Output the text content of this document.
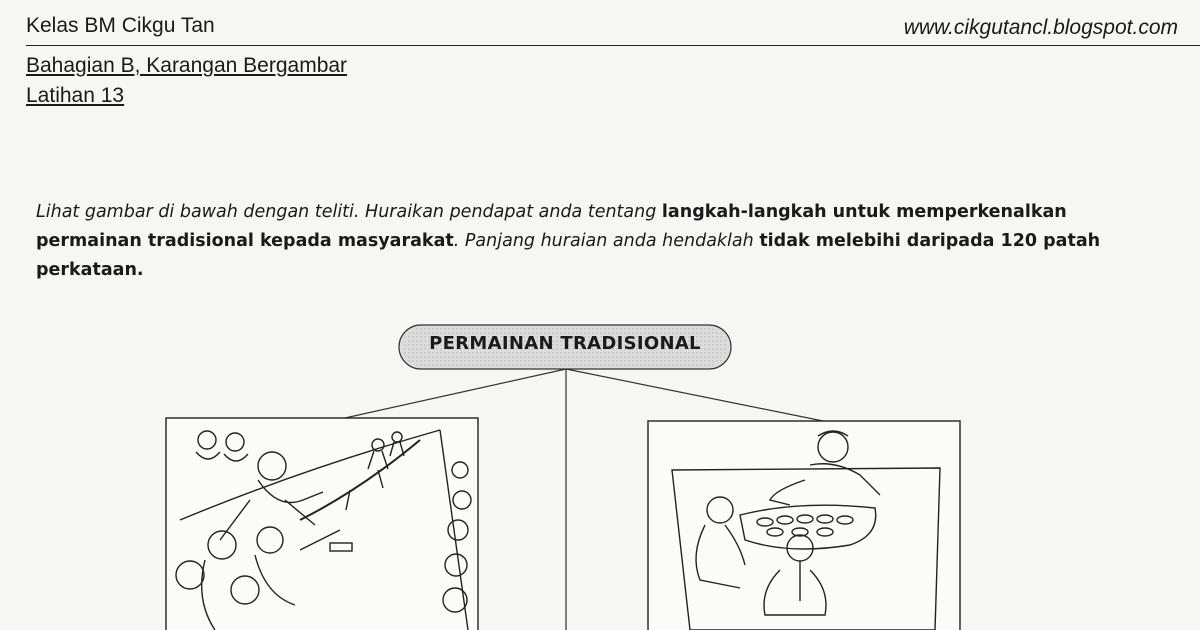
Kelas BM Cikgu Tan	www.cikgutancl.blogspot.com
Bahagian B, Karangan Bergambar
Latihan 13
Lihat gambar di bawah dengan teliti. Huraikan pendapat anda tentang langkah-langkah untuk memperkenalkan permainan tradisional kepada masyarakat. Panjang huraian anda hendaklah tidak melebihi daripada 120 patah perkataan.
PERMAINAN TRADISIONAL
